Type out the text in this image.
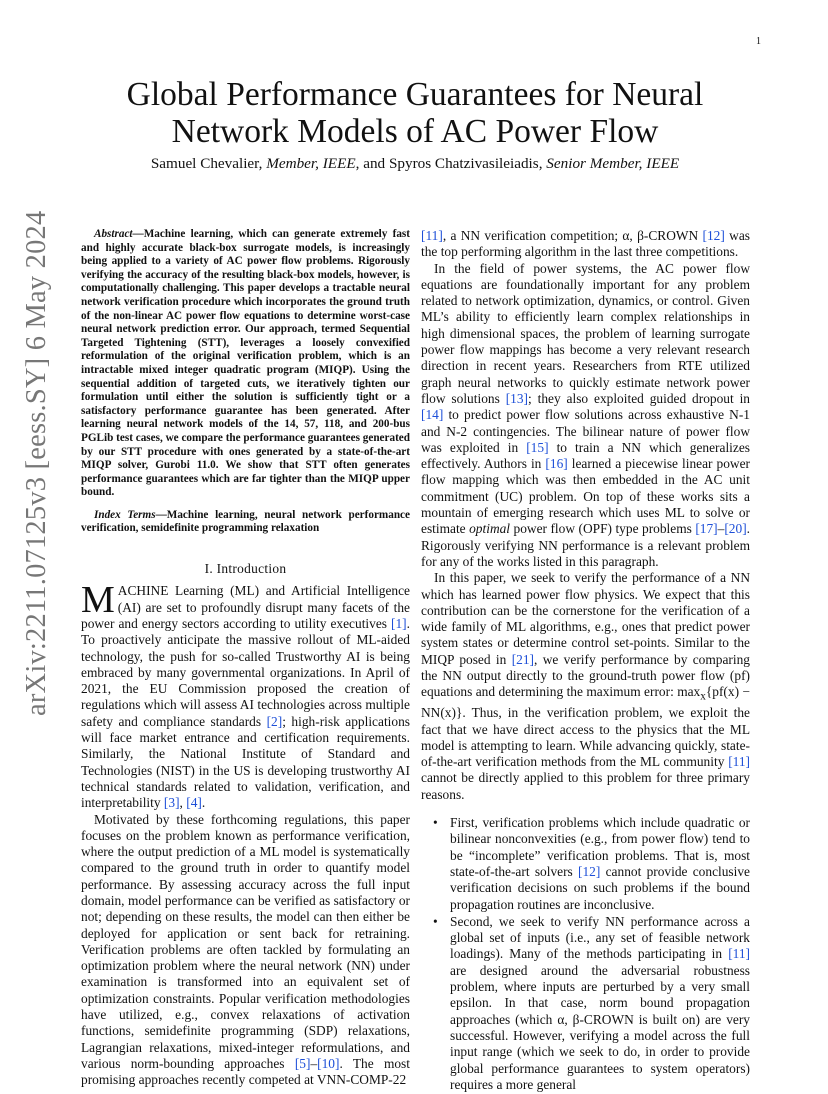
1
arXiv:2211.07125v3 [eess.SY] 6 May 2024
Global Performance Guarantees for Neural Network Models of AC Power Flow
Samuel Chevalier, Member, IEEE, and Spyros Chatzivasileiadis, Senior Member, IEEE

Abstract—Machine learning, which can generate extremely fast and highly accurate black-box surrogate models, is increasingly being applied to a variety of AC power flow problems. Rigorously verifying the accuracy of the resulting black-box models, however, is computationally challenging. This paper develops a tractable neural network verification procedure which incorporates the ground truth of the non-linear AC power flow equations to determine worst-case neural network prediction error. Our approach, termed Sequential Targeted Tightening (STT), leverages a loosely convexified reformulation of the original verification problem, which is an intractable mixed integer quadratic program (MIQP). Using the sequential addition of targeted cuts, we iteratively tighten our formulation until either the solution is sufficiently tight or a satisfactory performance guarantee has been generated. After learning neural network models of the 14, 57, 118, and 200-bus PGLib test cases, we compare the performance guarantees generated by our STT procedure with ones generated by a state-of-the-art MIQP solver, Gurobi 11.0. We show that STT often generates performance guarantees which are far tighter than the MIQP upper bound.

Index Terms—Machine learning, neural network performance verification, semidefinite programming relaxation

I. Introduction

MACHINE Learning (ML) and Artificial Intelligence (AI) are set to profoundly disrupt many facets of the power and energy sectors according to utility executives [1]. To proactively anticipate the massive rollout of ML-aided technology, the push for so-called Trustworthy AI is being embraced by many governmental organizations. In April of 2021, the EU Commission proposed the creation of regulations which will assess AI technologies across multiple safety and compliance standards [2]; high-risk applications will face market entrance and certification requirements. Similarly, the National Institute of Standard and Technologies (NIST) in the US is developing trustworthy AI technical standards related to validation, verification, and interpretability [3], [4].

Motivated by these forthcoming regulations, this paper focuses on the problem known as performance verification, where the output prediction of a ML model is systematically compared to the ground truth in order to quantify model performance. By assessing accuracy across the full input domain, model performance can be verified as satisfactory or not; depending on these results, the model can then either be deployed for application or sent back for retraining. Verification problems are often tackled by formulating an optimization problem where the neural network (NN) under examination is transformed into an equivalent set of optimization constraints. Popular verification methodologies have utilized, e.g., convex relaxations of activation functions, semidefinite programming (SDP) relaxations, Lagrangian relaxations, mixed-integer reformulations, and various norm-bounding approaches [5]–[10]. The most promising approaches recently competed at VNN-COMP-22

[11], a NN verification competition; α, β-CROWN [12] was the top performing algorithm in the last three competitions.

In the field of power systems, the AC power flow equations are foundationally important for any problem related to network optimization, dynamics, or control. Given ML’s ability to efficiently learn complex relationships in high dimensional spaces, the problem of learning surrogate power flow mappings has become a very relevant research direction in recent years. Researchers from RTE utilized graph neural networks to quickly estimate network power flow solutions [13]; they also exploited guided dropout in [14] to predict power flow solutions across exhaustive N-1 and N-2 contingencies. The bilinear nature of power flow was exploited in [15] to train a NN which generalizes effectively. Authors in [16] learned a piecewise linear power flow mapping which was then embedded in the AC unit commitment (UC) problem. On top of these works sits a mountain of emerging research which uses ML to solve or estimate optimal power flow (OPF) type problems [17]–[20]. Rigorously verifying NN performance is a relevant problem for any of the works listed in this paragraph.

In this paper, we seek to verify the performance of a NN which has learned power flow physics. We expect that this contribution can be the cornerstone for the verification of a wide family of ML algorithms, e.g., ones that predict power system states or determine control set-points. Similar to the MIQP posed in [21], we verify performance by comparing the NN output directly to the ground-truth power flow (pf) equations and determining the maximum error: $\max_x\{pf(x) - NN(x)\}$. Thus, in the verification problem, we exploit the fact that we have direct access to the physics that the ML model is attempting to learn. While advancing quickly, state-of-the-art verification methods from the ML community [11] cannot be directly applied to this problem for three primary reasons.

• First, verification problems which include quadratic or bilinear nonconvexities (e.g., from power flow) tend to be “incomplete” verification problems. That is, most state-of-the-art solvers [12] cannot provide conclusive verification decisions on such problems if the bound propagation routines are inconclusive.
• Second, we seek to verify NN performance across a global set of inputs (i.e., any set of feasible network loadings). Many of the methods participating in [11] are designed around the adversarial robustness problem, where inputs are perturbed by a very small epsilon. In that case, norm bound propagation approaches (which α, β-CROWN is built on) are very successful. However, verifying a model across the full input range (which we seek to do, in order to provide global performance guarantees to system operators) requires a more general
